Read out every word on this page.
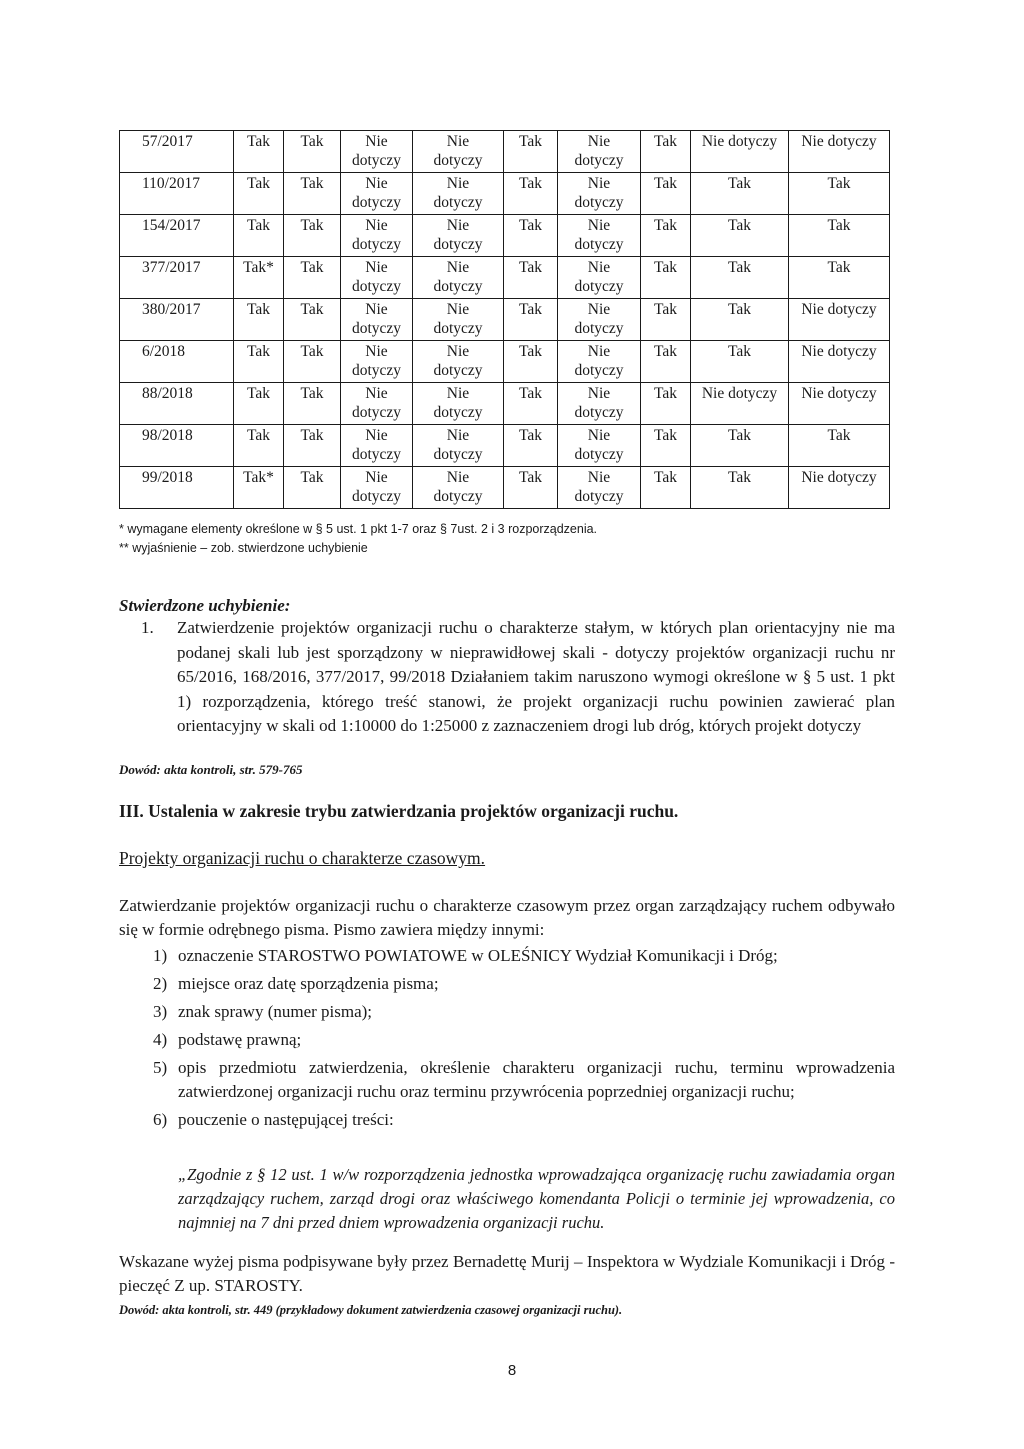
57/2017	Tak	Tak	Nie dotyczy	Nie dotyczy	Tak	Nie dotyczy	Tak	Nie dotyczy	Nie dotyczy
110/2017	Tak	Tak	Nie dotyczy	Nie dotyczy	Tak	Nie dotyczy	Tak	Tak	Tak
154/2017	Tak	Tak	Nie dotyczy	Nie dotyczy	Tak	Nie dotyczy	Tak	Tak	Tak
377/2017	Tak*	Tak	Nie dotyczy	Nie dotyczy	Tak	Nie dotyczy	Tak	Tak	Tak
380/2017	Tak	Tak	Nie dotyczy	Nie dotyczy	Tak	Nie dotyczy	Tak	Tak	Nie dotyczy
6/2018	Tak	Tak	Nie dotyczy	Nie dotyczy	Tak	Nie dotyczy	Tak	Tak	Nie dotyczy
88/2018	Tak	Tak	Nie dotyczy	Nie dotyczy	Tak	Nie dotyczy	Tak	Nie dotyczy	Nie dotyczy
98/2018	Tak	Tak	Nie dotyczy	Nie dotyczy	Tak	Nie dotyczy	Tak	Tak	Tak
99/2018	Tak*	Tak	Nie dotyczy	Nie dotyczy	Tak	Nie dotyczy	Tak	Tak	Nie dotyczy
* wymagane elementy określone w § 5 ust. 1 pkt 1-7 oraz § 7ust. 2 i 3 rozporządzenia.
** wyjaśnienie – zob. stwierdzone uchybienie
Stwierdzone uchybienie:
1. Zatwierdzenie projektów organizacji ruchu o charakterze stałym, w których plan orientacyjny nie ma podanej skali lub jest sporządzony w nieprawidłowej skali - dotyczy projektów organizacji ruchu nr 65/2016, 168/2016, 377/2017, 99/2018 Działaniem takim naruszono wymogi określone w § 5 ust. 1 pkt 1) rozporządzenia, którego treść stanowi, że projekt organizacji ruchu powinien zawierać plan orientacyjny w skali od 1:10000 do 1:25000 z zaznaczeniem drogi lub dróg, których projekt dotyczy
Dowód: akta kontroli, str. 579-765
III. Ustalenia w zakresie trybu zatwierdzania projektów organizacji ruchu.
Projekty organizacji ruchu o charakterze czasowym.
Zatwierdzanie projektów organizacji ruchu o charakterze czasowym przez organ zarządzający ruchem odbywało się w formie odrębnego pisma. Pismo zawiera między innymi:
1) oznaczenie STAROSTWO POWIATOWE w OLEŚNICY Wydział Komunikacji i Dróg;
2) miejsce oraz datę sporządzenia pisma;
3) znak sprawy (numer pisma);
4) podstawę prawną;
5) opis przedmiotu zatwierdzenia, określenie charakteru organizacji ruchu, terminu wprowadzenia zatwierdzonej organizacji ruchu oraz terminu przywrócenia poprzedniej organizacji ruchu;
6) pouczenie o następującej treści:
„Zgodnie z § 12 ust. 1 w/w rozporządzenia jednostka wprowadzająca organizację ruchu zawiadamia organ zarządzający ruchem, zarząd drogi oraz właściwego komendanta Policji o terminie jej wprowadzenia, co najmniej na 7 dni przed dniem wprowadzenia organizacji ruchu.
Wskazane wyżej pisma podpisywane były przez Bernadettę Murij – Inspektora w Wydziale Komunikacji i Dróg - pieczęć Z up. STAROSTY.
Dowód: akta kontroli, str. 449 (przykładowy dokument zatwierdzenia czasowej organizacji ruchu).
8
